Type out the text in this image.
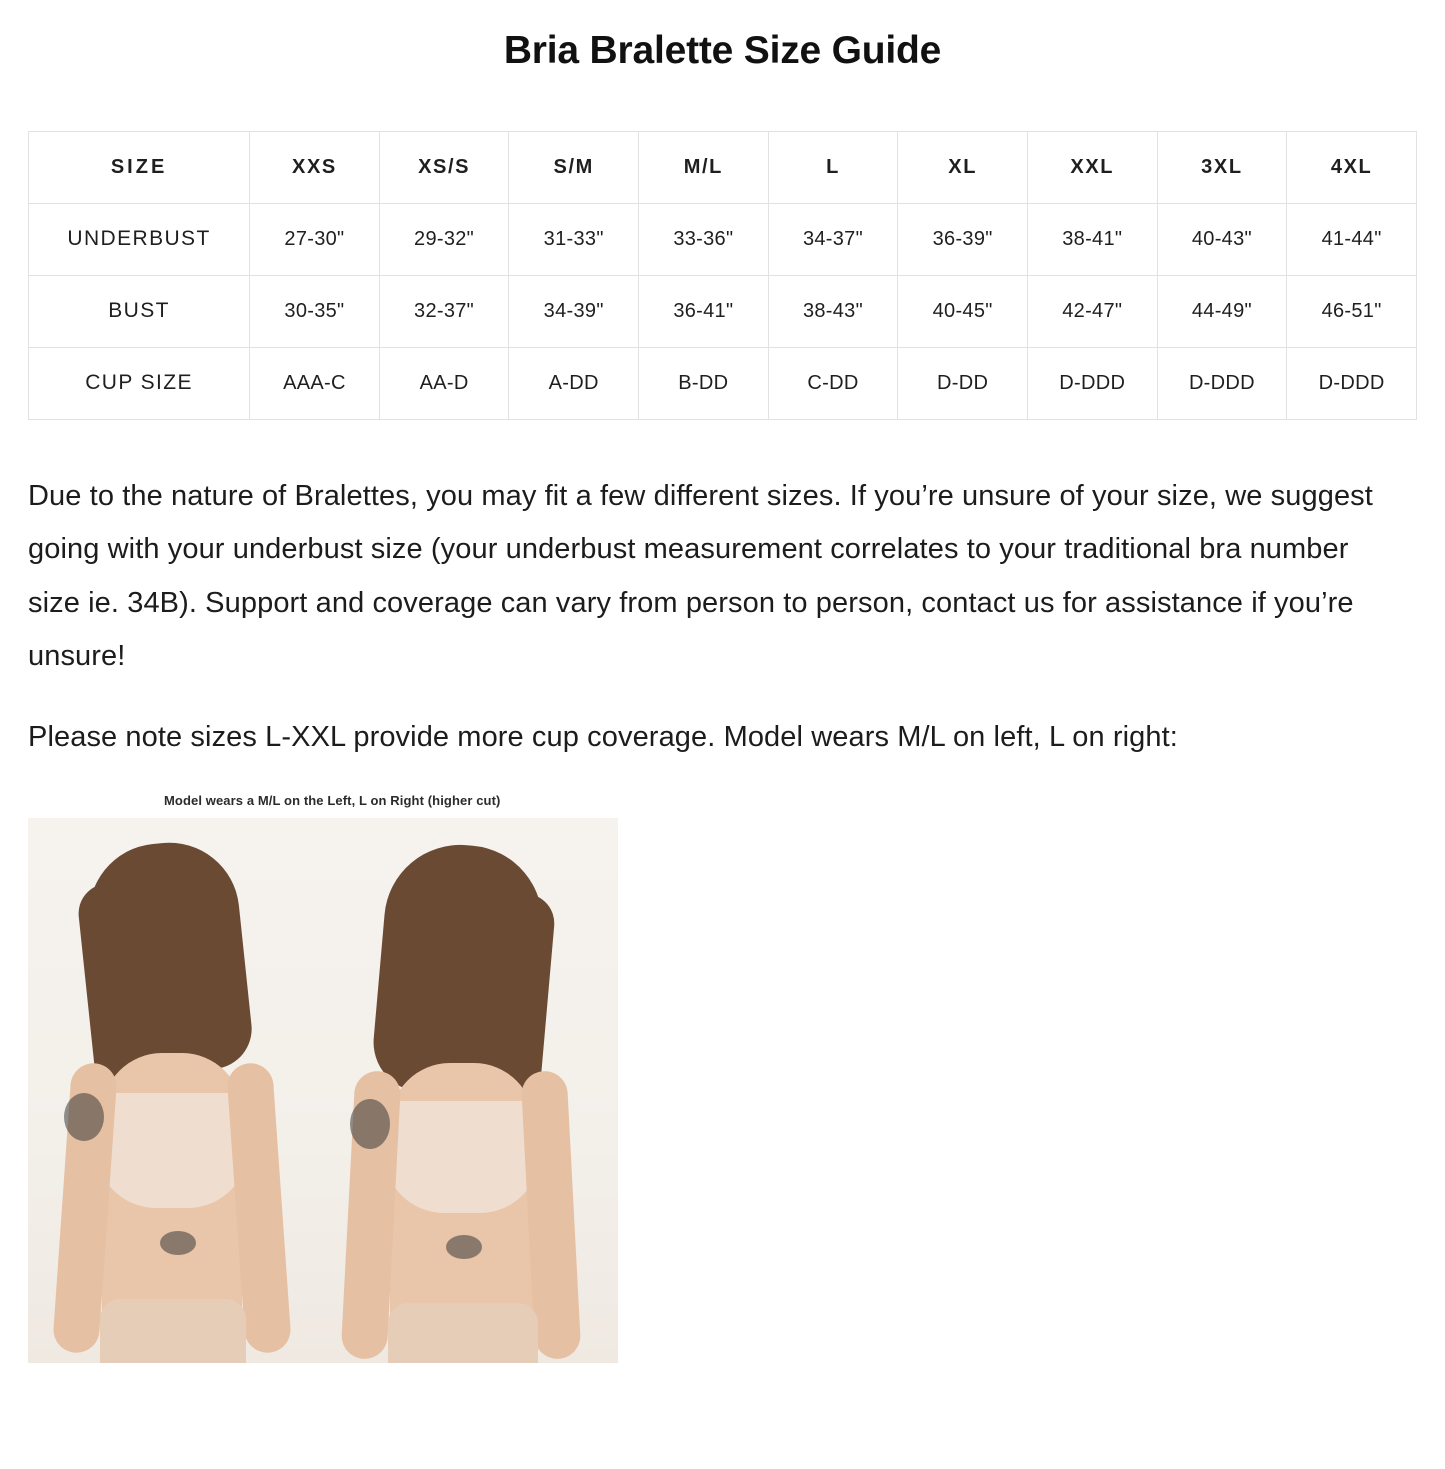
Bria Bralette Size Guide
SIZE	XXS	XS/S	S/M	M/L	L	XL	XXL	3XL	4XL
UNDERBUST	27-30"	29-32"	31-33"	33-36"	34-37"	36-39"	38-41"	40-43"	41-44"
BUST	30-35"	32-37"	34-39"	36-41"	38-43"	40-45"	42-47"	44-49"	46-51"
CUP SIZE	AAA-C	AA-D	A-DD	B-DD	C-DD	D-DD	D-DDD	D-DDD	D-DDD

Due to the nature of Bralettes, you may fit a few different sizes. If you’re unsure of your size, we suggest going with your underbust size (your underbust measurement correlates to your traditional bra number size ie. 34B). Support and coverage can vary from person to person, contact us for assistance if you’re unsure!

Please note sizes L-XXL provide more cup coverage. Model wears M/L on left, L on right:

Model wears a M/L on the Left, L on Right (higher cut)
